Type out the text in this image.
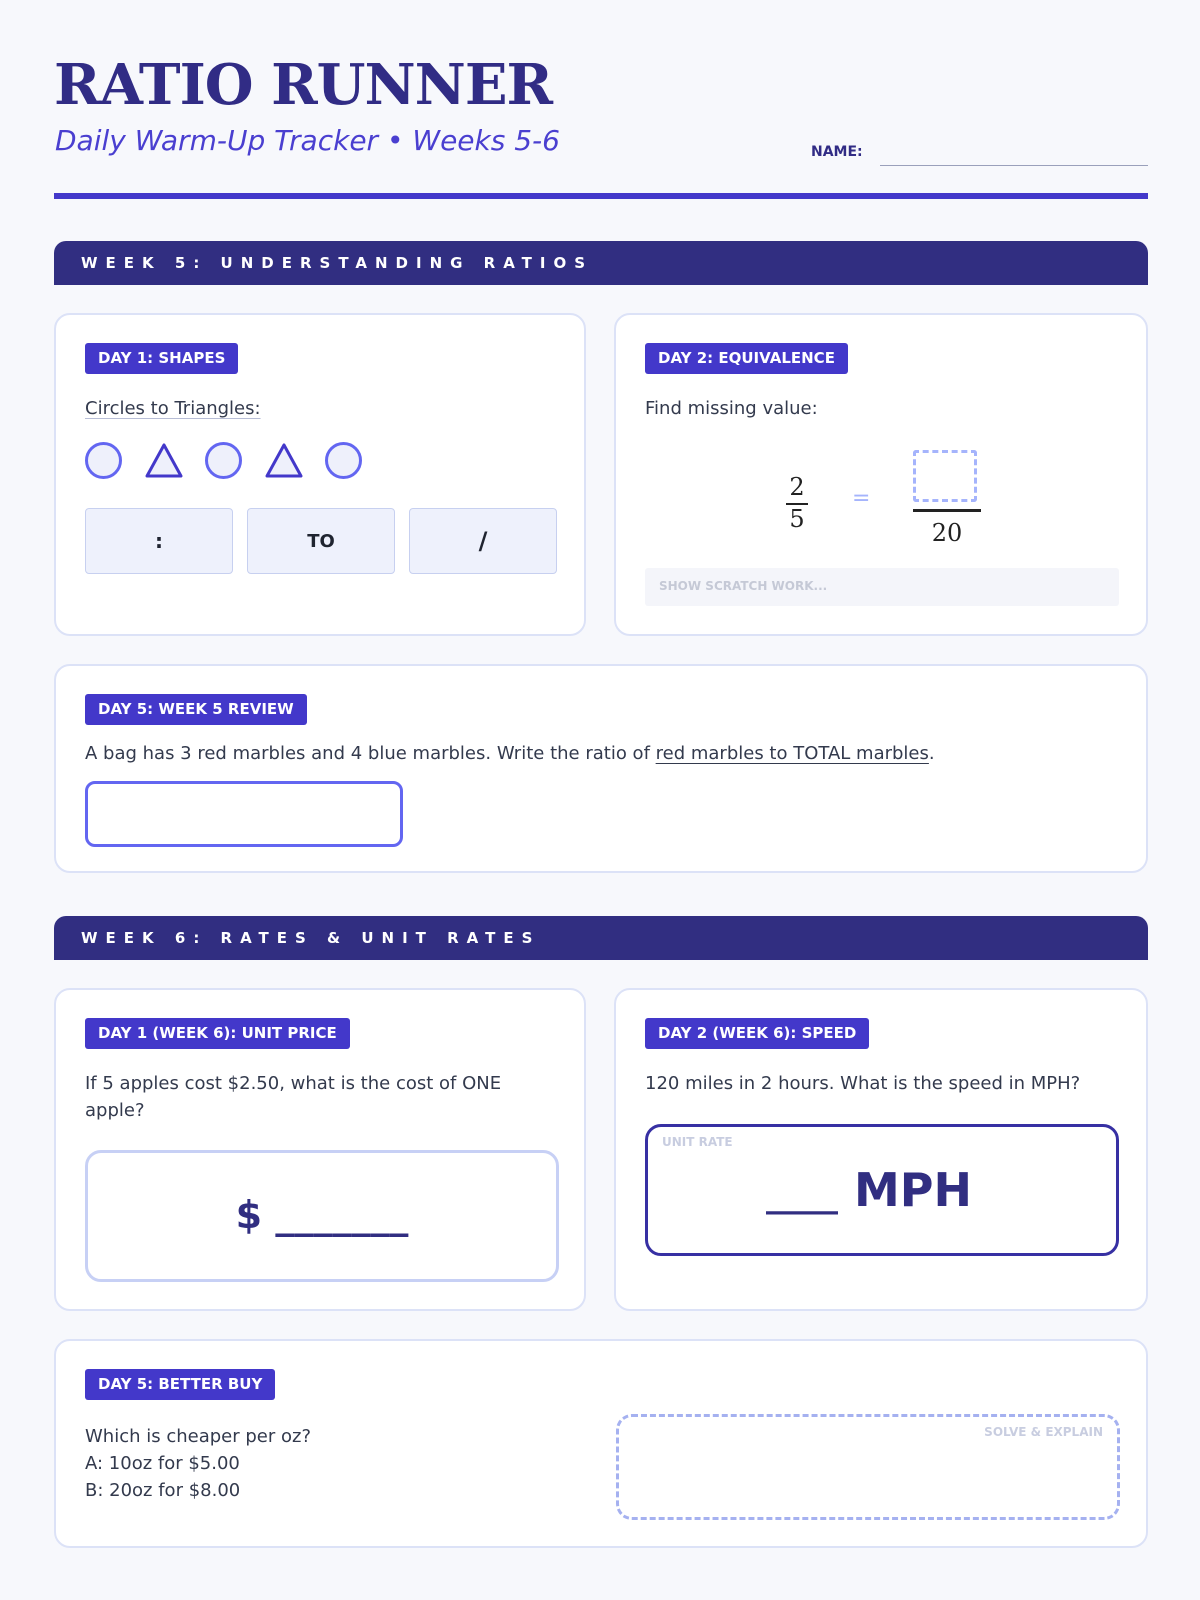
RATIO RUNNER
Daily Warm-Up Tracker • Weeks 5-6	NAME:
WEEK 5: UNDERSTANDING RATIOS
DAY 1: SHAPES
Circles to Triangles:
:	TO	/
DAY 2: EQUIVALENCE
Find missing value:
2
5
=
20
SHOW SCRATCH WORK...
DAY 5: WEEK 5 REVIEW
A bag has 3 red marbles and 4 blue marbles. Write the ratio of red marbles to TOTAL marbles.
WEEK 6: RATES & UNIT RATES
DAY 1 (WEEK 6): UNIT PRICE
If 5 apples cost $2.50, what is the cost of ONE apple?
$ _______
DAY 2 (WEEK 6): SPEED
120 miles in 2 hours. What is the speed in MPH?
UNIT RATE
____ MPH
DAY 5: BETTER BUY
Which is cheaper per oz?
A: 10oz for $5.00
B: 20oz for $8.00
SOLVE & EXPLAIN
